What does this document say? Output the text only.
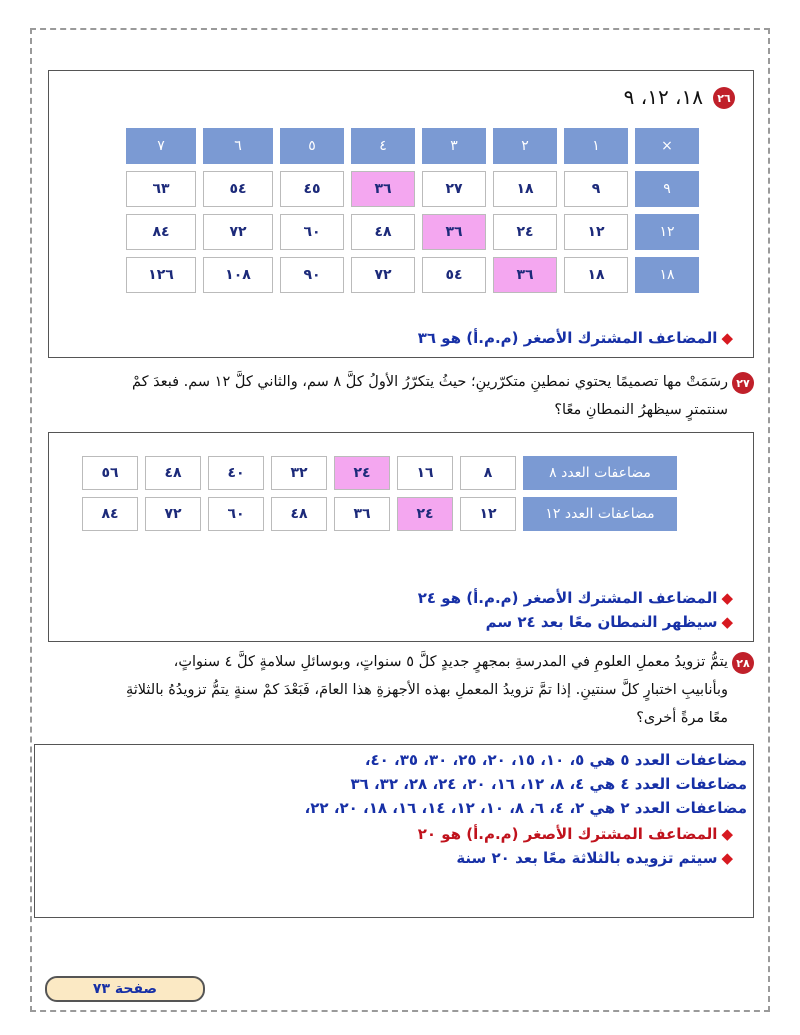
٢٦
١٨، ١٢، ٩
×	١	٢	٣	٤	٥	٦	٧
٩	٩	١٨	٢٧	٣٦	٤٥	٥٤	٦٣
١٢	١٢	٢٤	٣٦	٤٨	٦٠	٧٢	٨٤
١٨	١٨	٣٦	٥٤	٧٢	٩٠	١٠٨	١٢٦
◆المضاعف المشترك الأصغر (م.م.أ) هو ٣٦
٢٧
رسَمَتْ مها تصميمًا يحتوي نمطينِ متكرّرينِ؛ حيثُ يتكرّرُ الأولُ كلَّ ٨ سم، والثاني كلَّ ١٢ سم. فبعدَ كمْ
سنتمترٍ سيظهرُ النمطانِ معًا؟
مضاعفات العدد ٨	٨	١٦	٢٤	٣٢	٤٠	٤٨	٥٦
مضاعفات العدد ١٢	١٢	٢٤	٣٦	٤٨	٦٠	٧٢	٨٤
◆المضاعف المشترك الأصغر (م.م.أ) هو ٢٤
◆سيظهر النمطان معًا بعد ٢٤ سم
٢٨
يتمُّ تزويدُ معملِ العلومِ في المدرسةِ بمجهرٍ جديدٍ كلَّ ٥ سنواتٍ، وبوسائلِ سلامةٍ كلَّ ٤ سنواتٍ،
وبأنابيبِ اختبارٍ كلَّ سنتينِ. إذا تمَّ تزويدُ المعملِ بهذه الأجهزةِ هذا العامَ، فَبَعْدَ كمْ سنةٍ يتمُّ تزويدُهُ بالثلاثةِ
معًا مرةً أخرى؟
مضاعفات العدد ٥ هي ٥، ١٠، ١٥، ٢٠، ٢٥، ٣٠، ٣٥، ٤٠،
مضاعفات العدد ٤ هي ٤، ٨، ١٢، ١٦، ٢٠، ٢٤، ٢٨، ٣٢، ٣٦
مضاعفات العدد ٢ هي ٢، ٤، ٦، ٨، ١٠، ١٢، ١٤، ١٦، ١٨، ٢٠، ٢٢،
◆المضاعف المشترك الأصغر (م.م.أ) هو ٢٠
◆سيتم تزويده بالثلاثة معًا بعد ٢٠ سنة
صفحة ٧٣
